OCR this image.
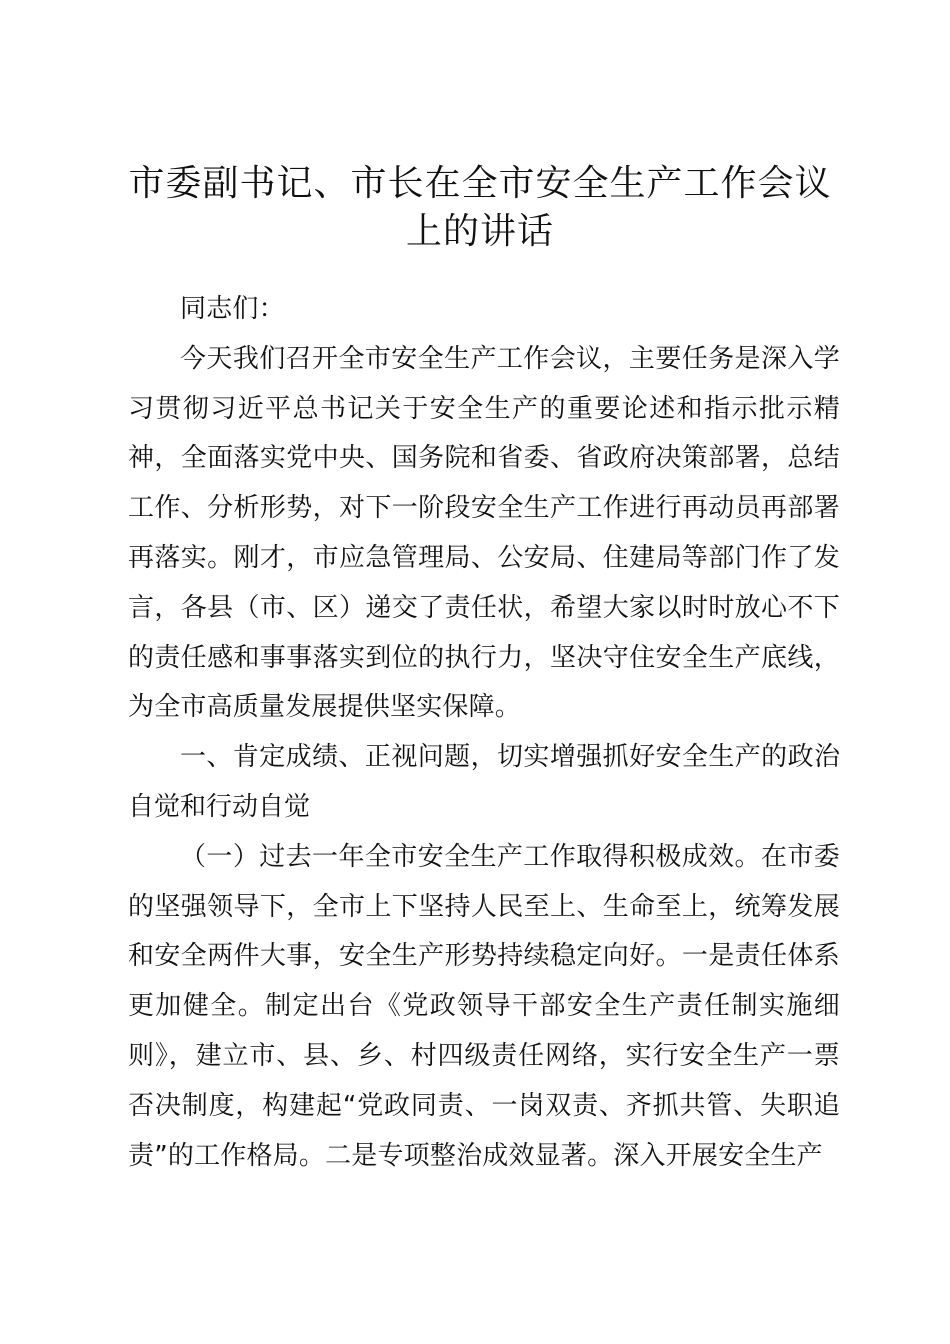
市委副书记、市长在全市安全生产工作会议上的讲话

同志们：

今天我们召开全市安全生产工作会议，主要任务是深入学习贯彻习近平总书记关于安全生产的重要论述和指示批示精神，全面落实党中央、国务院和省委、省政府决策部署，总结工作、分析形势，对下一阶段安全生产工作进行再动员再部署再落实。刚才，市应急管理局、公安局、住建局等部门作了发言，各县（市、区）递交了责任状，希望大家以时时放心不下的责任感和事事落实到位的执行力，坚决守住安全生产底线，为全市高质量发展提供坚实保障。

一、肯定成绩、正视问题，切实增强抓好安全生产的政治自觉和行动自觉

（一）过去一年全市安全生产工作取得积极成效。在市委的坚强领导下，全市上下坚持人民至上、生命至上，统筹发展和安全两件大事，安全生产形势持续稳定向好。一是责任体系更加健全。制定出台《党政领导干部安全生产责任制实施细则》，建立市、县、乡、村四级责任网络，实行安全生产一票否决制度，构建起“党政同责、一岗双责、齐抓共管、失职追责”的工作格局。二是专项整治成效显著。深入开展安全生产
